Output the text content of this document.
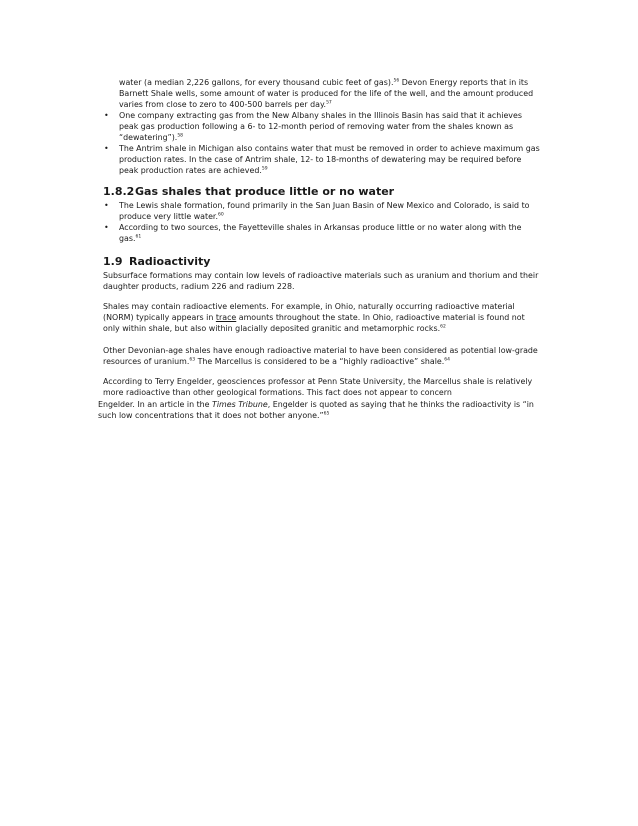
water (a median 2,226 gallons, for every thousand cubic feet of gas).$^{56}$ Devon Energy reports that in its Barnett Shale wells, some amount of water is produced for the life of the well, and the amount produced varies from close to zero to 400-500 barrels per day.$^{57}$

• One company extracting gas from the New Albany shales in the Illinois Basin has said that it achieves peak gas production following a 6- to 12-month period of removing water from the shales known as “dewatering”).$^{58}$
• The Antrim shale in Michigan also contains water that must be removed in order to achieve maximum gas production rates. In the case of Antrim shale, 12- to 18-months of dewatering may be required before peak production rates are achieved.$^{59}$
1.8.2Gas shales that produce little or no water
• The Lewis shale formation, found primarily in the San Juan Basin of New Mexico and Colorado, is said to produce very little water.$^{60}$
• According to two sources, the Fayetteville shales in Arkansas produce little or no water along with the gas.$^{61}$
1.9 Radioactivity

Subsurface formations may contain low levels of radioactive materials such as uranium and thorium and their daughter products, radium 226 and radium 228.

Shales may contain radioactive elements. For example, in Ohio, naturally occurring radioactive material (NORM) typically appears in trace amounts throughout the state. In Ohio, radioactive material is found not only within shale, but also within glacially deposited granitic and metamorphic rocks.$^{62}$

Other Devonian-age shales have enough radioactive material to have been considered as potential low-grade resources of uranium.$^{63}$ The Marcellus is considered to be a “highly radioactive” shale.$^{64}$

According to Terry Engelder, geosciences professor at Penn State University, the Marcellus shale is relatively more radioactive than other geological formations. This fact does not appear to concern

Engelder. In an article in the Times Tribune, Engelder is quoted as saying that he thinks the radioactivity is “in such low concentrations that it does not bother anyone.”$^{65}$
